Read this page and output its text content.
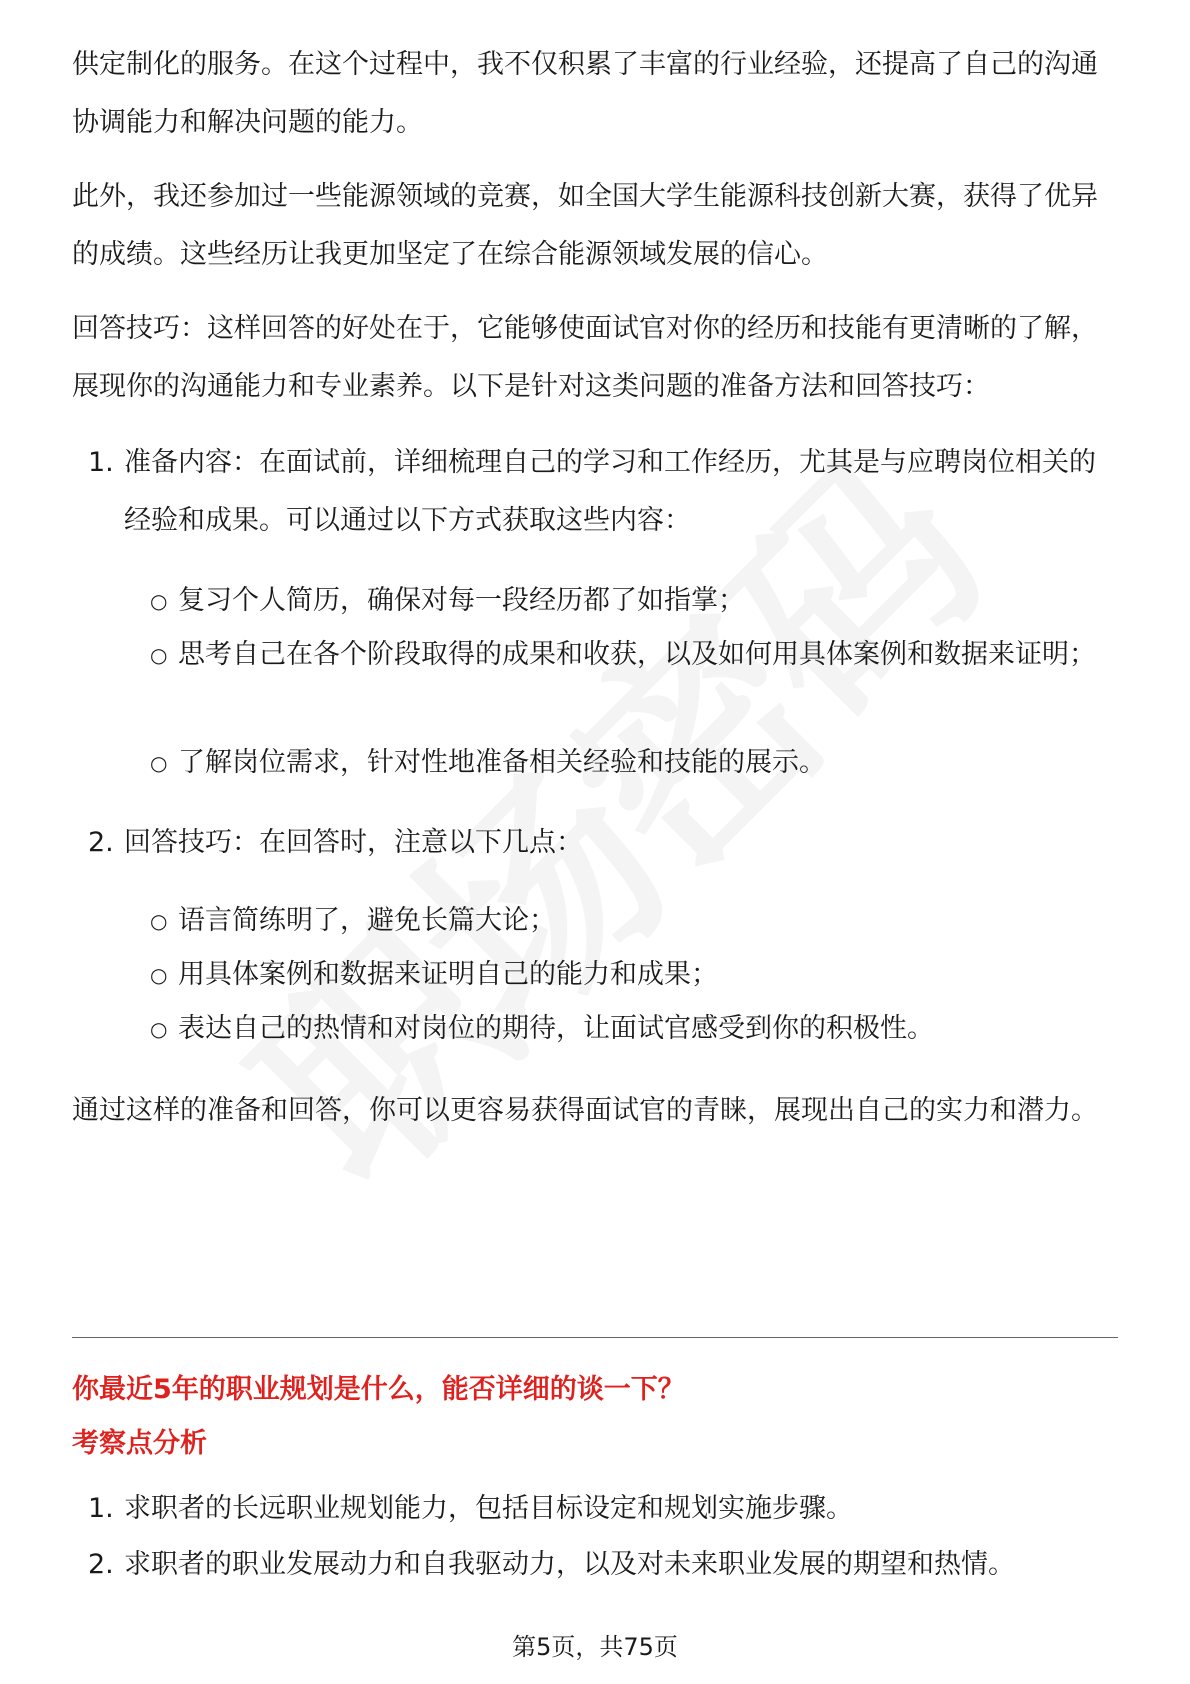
供定制化的服务。在这个过程中，我不仅积累了丰富的行业经验，还提高了自己的沟通协调能力和解决问题的能力。

此外，我还参加过一些能源领域的竞赛，如全国大学生能源科技创新大赛，获得了优异的成绩。这些经历让我更加坚定了在综合能源领域发展的信心。

回答技巧：这样回答的好处在于，它能够使面试官对你的经历和技能有更清晰的了解，展现你的沟通能力和专业素养。以下是针对这类问题的准备方法和回答技巧：

1. 准备内容：在面试前，详细梳理自己的学习和工作经历，尤其是与应聘岗位相关的经验和成果。可以通过以下方式获取这些内容：
○ 复习个人简历，确保对每一段经历都了如指掌；
○ 思考自己在各个阶段取得的成果和收获，以及如何用具体案例和数据来证明；
○ 了解岗位需求，针对性地准备相关经验和技能的展示。
2. 回答技巧：在回答时，注意以下几点：
○ 语言简练明了，避免长篇大论；
○ 用具体案例和数据来证明自己的能力和成果；
○ 表达自己的热情和对岗位的期待，让面试官感受到你的积极性。

通过这样的准备和回答，你可以更容易获得面试官的青睐，展现出自己的实力和潜力。

你最近5年的职业规划是什么，能否详细的谈一下？
考察点分析
1. 求职者的长远职业规划能力，包括目标设定和规划实施步骤。
2. 求职者的职业发展动力和自我驱动力，以及对未来职业发展的期望和热情。
第5页，共75页
